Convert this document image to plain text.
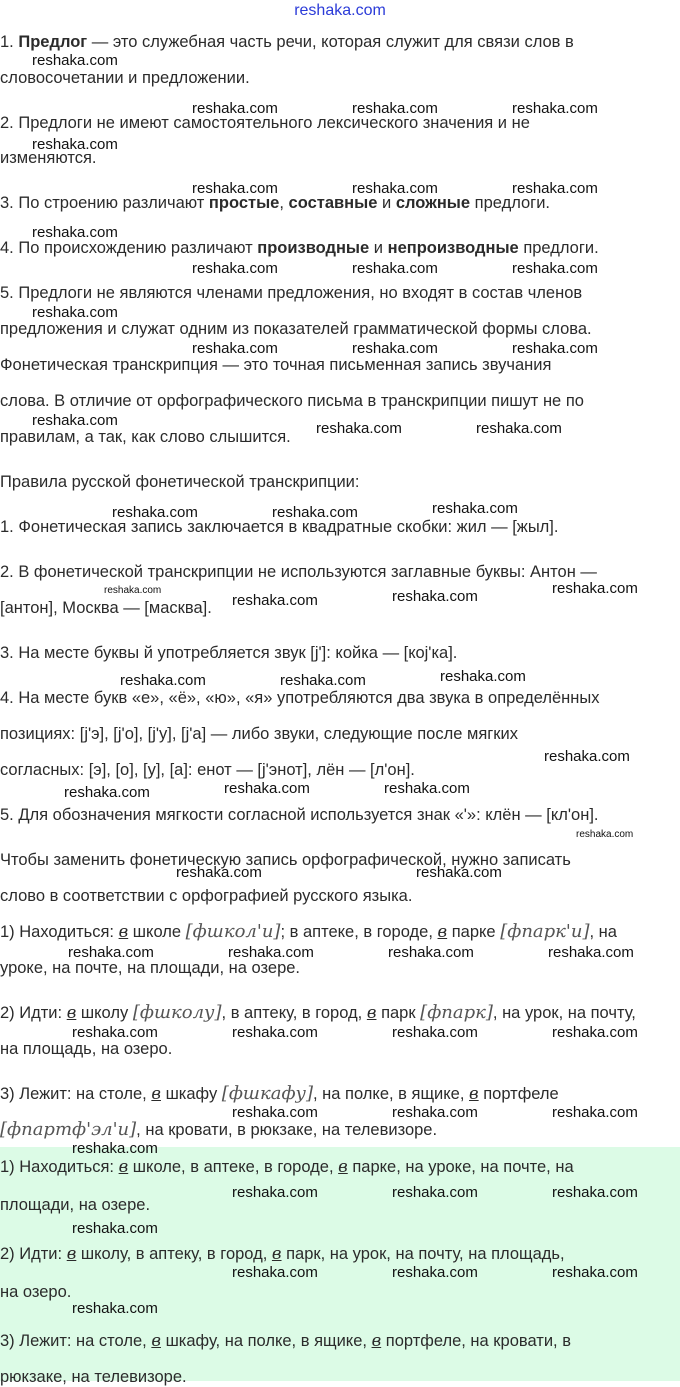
reshaka.com
1. Предлог — это служебная часть речи, которая служит для связи слов в
словосочетании и предложении.
2. Предлоги не имеют самостоятельного лексического значения и не
изменяются.
3. По строению различают простые, составные и сложные предлоги.
4. По происхождению различают производные и непроизводные предлоги.
5. Предлоги не являются членами предложения, но входят в состав членов
предложения и служат одним из показателей грамматической формы слова.
Фонетическая транскрипция — это точная письменная запись звучания
слова. В отличие от орфографического письма в транскрипции пишут не по
правилам, а так, как слово слышится.
Правила русской фонетической транскрипции:
1. Фонетическая запись заключается в квадратные скобки: жил — [жыл].
2. В фонетической транскрипции не используются заглавные буквы: Антон —
[антон], Москва — [масква].
3. На месте буквы й употребляется звук [j']: койка — [кoj'ка].
4. На месте букв «е», «ё», «ю», «я» употребляются два звука в определённых
позициях: [j'э], [j'о], [j'у], [j'а] — либо звуки, следующие после мягких
согласных: [э], [о], [у], [а]: енот — [j'энот], лён — [л'он].
5. Для обозначения мягкости согласной используется знак «'»: клён — [кл'он].
Чтобы заменить фонетическую запись орфографической, нужно записать
слово в соответствии с орфографией русского языка.
1) Находиться: в школе [фшкол'и]; в аптеке, в городе, в парке [фпарк'и], на
уроке, на почте, на площади, на озере.
2) Идти: в школу [фшколу], в аптеку, в город, в парк [фпарк], на урок, на почту,
на площадь, на озеро.
3) Лежит: на столе, в шкафу [фшкафу], на полке, в ящике, в портфеле
[фпартф'эл'и], на кровати, в рюкзаке, на телевизоре.
1) Находиться: в школе, в аптеке, в городе, в парке, на уроке, на почте, на
площади, на озере.
2) Идти: в школу, в аптеку, в город, в парк, на урок, на почту, на площадь,
на озеро.
3) Лежит: на столе, в шкафу, на полке, в ящике, в портфеле, на кровати, в
рюкзаке, на телевизоре.
reshaka.com
reshaka.com	reshaka.com	reshaka.com
reshaka.com
reshaka.com	reshaka.com	reshaka.com
reshaka.com
reshaka.com	reshaka.com	reshaka.com
reshaka.com
reshaka.com	reshaka.com	reshaka.com
reshaka.com	reshaka.com	reshaka.com
reshaka.com	reshaka.com	reshaka.com
reshaka.com
reshaka.com	reshaka.com	reshaka.com
reshaka.com	reshaka.com	reshaka.com
reshaka.com
reshaka.com	reshaka.com	reshaka.com
reshaka.com
reshaka.com	reshaka.com
reshaka.com	reshaka.com	reshaka.com	reshaka.com
reshaka.com	reshaka.com	reshaka.com	reshaka.com
reshaka.com	reshaka.com	reshaka.com
reshaka.com
reshaka.com	reshaka.com	reshaka.com
reshaka.com
reshaka.com	reshaka.com	reshaka.com
reshaka.com
